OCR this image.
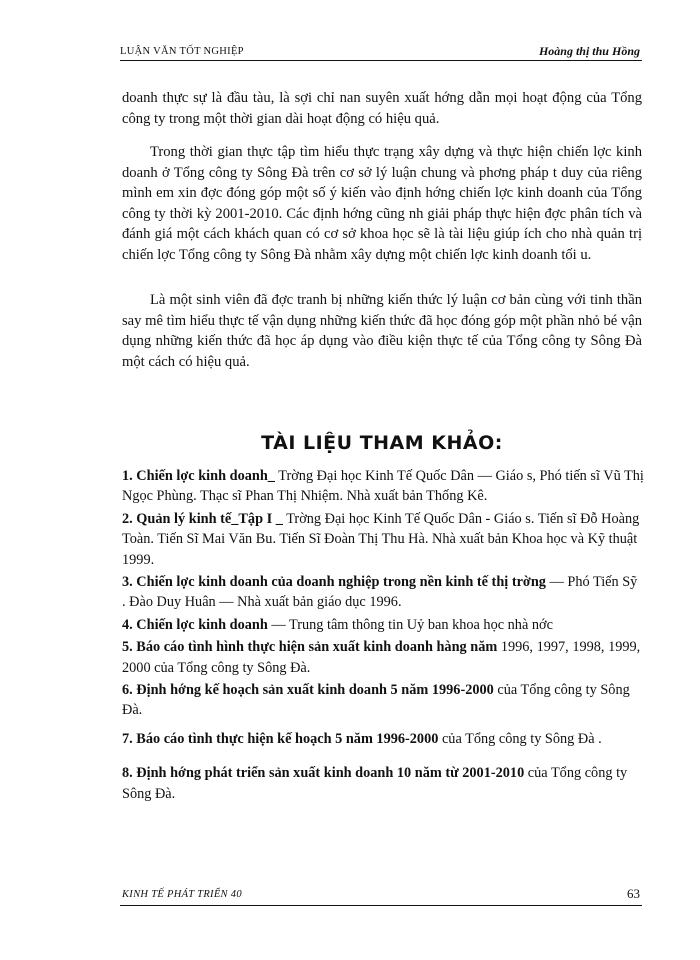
LUẬN VĂN TỐT NGHIỆP	Hoàng thị thu Hồng

doanh thực sự là đầu tàu, là sợi chỉ nan suyên xuất hớng dẫn mọi hoạt động của Tổng công ty trong một thời gian dài hoạt động có hiệu quả.

Trong thời gian thực tập tìm hiểu thực trạng xây dựng và thực hiện chiến lợc kinh doanh ở Tổng công ty Sông Đà trên cơ sở lý luận chung và phơng pháp t duy của riêng mình em xin đợc đóng góp một số ý kiến vào định hớng chiến lợc kinh doanh của Tổng công ty thời kỳ 2001-2010. Các định hớng cũng nh giải pháp thực hiện đợc phân tích và đánh giá một cách khách quan có cơ sở khoa học sẽ là tài liệu giúp ích cho nhà quản trị chiến lợc Tổng công ty Sông Đà nhằm xây dựng một chiến lợc kinh doanh tối u.

Là một sinh viên đã đợc tranh bị những kiến thức lý luận cơ bản cùng với tinh thần say mê tìm hiểu thực tế vận dụng những kiến thức đã học đóng góp một phần nhỏ bé vận dụng những kiến thức đã học áp dụng vào điều kiện thực tế của Tổng công ty Sông Đà một cách có hiệu quả.

TÀI LIỆU THAM KHẢO:
1. Chiến lợc kinh doanh_ Trờng Đại học Kinh Tế Quốc Dân — Giáo s, Phó tiến sĩ Vũ Thị Ngọc Phùng. Thạc sĩ Phan Thị Nhiệm. Nhà xuất bản Thống Kê.
2. Quản lý kinh tế_Tập I _ Trờng Đại học Kinh Tế Quốc Dân - Giáo s. Tiến sĩ Đỗ Hoàng Toàn. Tiến Sĩ Mai Văn Bu. Tiến Sĩ Đoàn Thị Thu Hà. Nhà xuất bản Khoa học và Kỹ thuật 1999.
3. Chiến lợc kinh doanh của doanh nghiệp trong nền kinh tế thị trờng — Phó Tiến Sỹ . Đào Duy Huân — Nhà xuất bản giáo dục 1996.
4. Chiến lợc kinh doanh — Trung tâm thông tin Uỷ ban khoa học nhà nớc
5. Báo cáo tình hình thực hiện sản xuất kinh doanh hàng năm 1996, 1997, 1998, 1999, 2000 của Tổng công ty Sông Đà.
6. Định hớng kế hoạch sản xuất kinh doanh 5 năm 1996-2000 của Tổng công ty Sông Đà.
7. Báo cáo tình thực hiện kế hoạch 5 năm 1996-2000 của Tổng công ty Sông Đà .
8. Định hớng phát triển sản xuất kinh doanh 10 năm từ 2001-2010 của Tổng công ty Sông Đà.
KINH TẾ PHÁT TRIỂN 40	63
